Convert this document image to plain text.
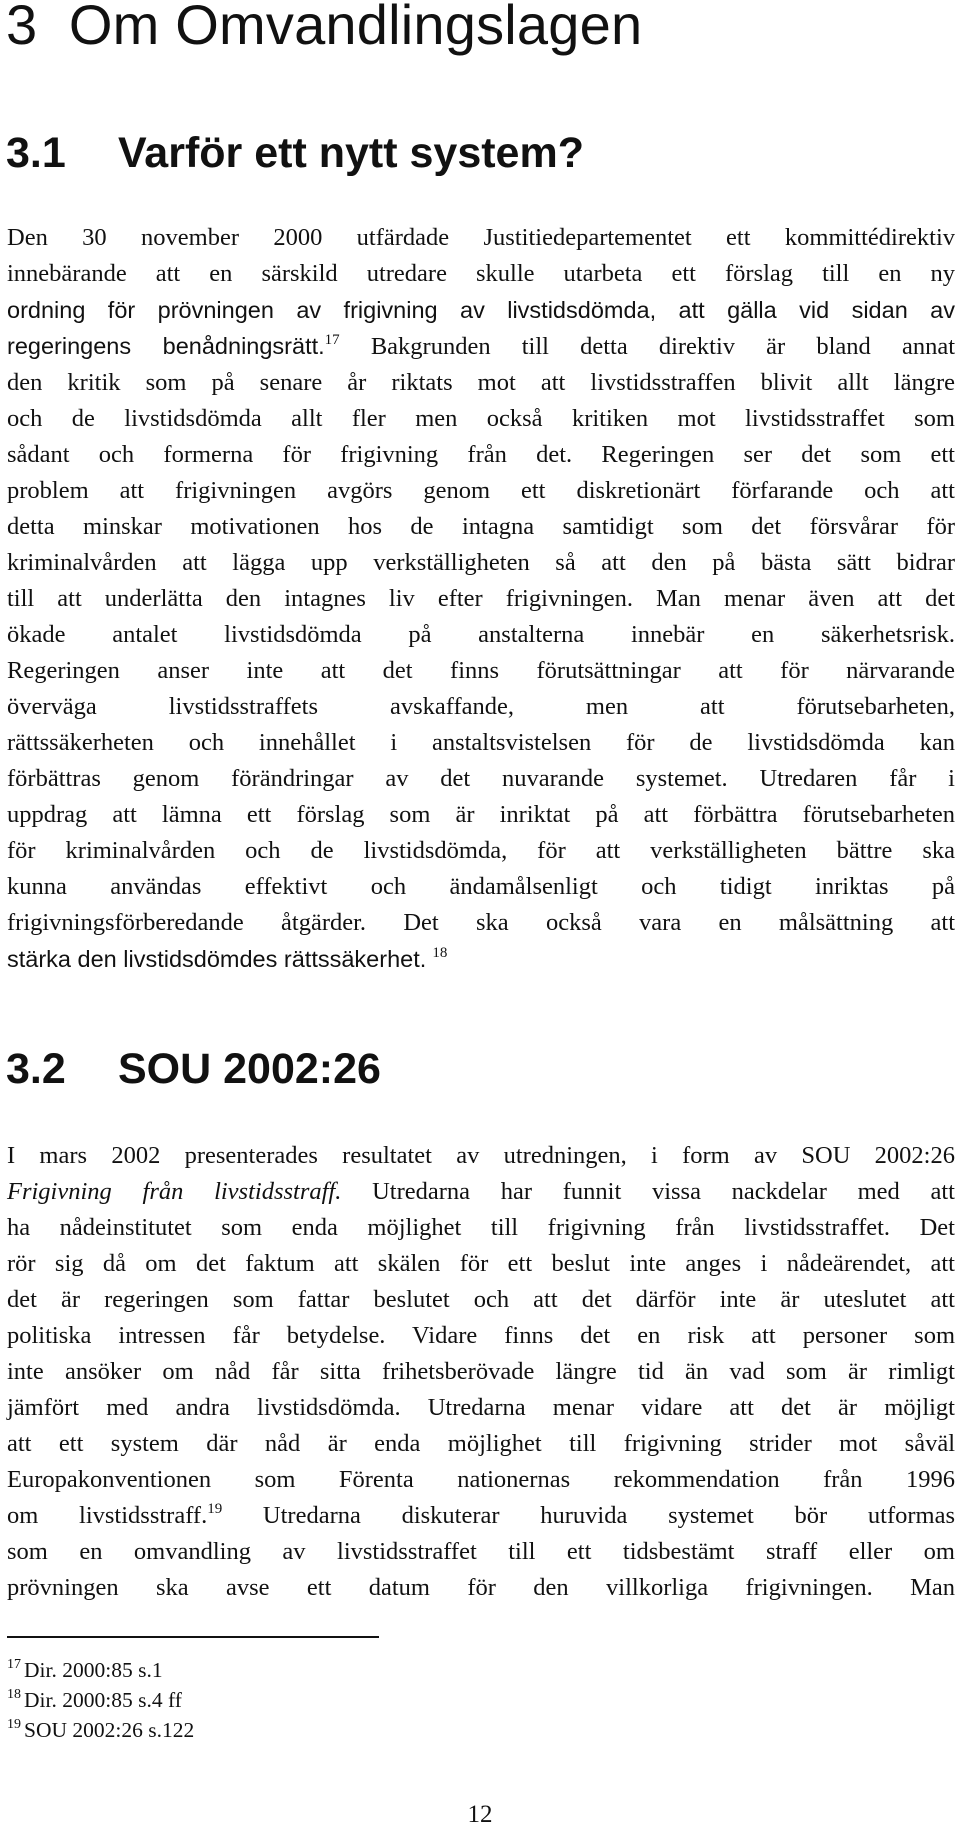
3 Om Omvandlingslagen
3.1 Varför ett nytt system?
Den 30 november 2000 utfärdade Justitiedepartementet ett kommittédirektiv
innebärande att en särskild utredare skulle utarbeta ett förslag till en ny
ordning för prövningen av frigivning av livstidsdömda, att gälla vid sidan av
regeringens benådningsrätt.$^{17}$ Bakgrunden till detta direktiv är bland annat
den kritik som på senare år riktats mot att livstidsstraffen blivit allt längre
och de livstidsdömda allt fler men också kritiken mot livstidsstraffet som
sådant och formerna för frigivning från det. Regeringen ser det som ett
problem att frigivningen avgörs genom ett diskretionärt förfarande och att
detta minskar motivationen hos de intagna samtidigt som det försvårar för
kriminalvården att lägga upp verkställigheten så att den på bästa sätt bidrar
till att underlätta den intagnes liv efter frigivningen. Man menar även att det
ökade antalet livstidsdömda på anstalterna innebär en säkerhetsrisk.
Regeringen anser inte att det finns förutsättningar att för närvarande
överväga livstidsstraffets avskaffande, men att förutsebarheten,
rättssäkerheten och innehållet i anstaltsvistelsen för de livstidsdömda kan
förbättras genom förändringar av det nuvarande systemet. Utredaren får i
uppdrag att lämna ett förslag som är inriktat på att förbättra förutsebarheten
för kriminalvården och de livstidsdömda, för att verkställigheten bättre ska
kunna användas effektivt och ändamålsenligt och tidigt inriktas på
frigivningsförberedande åtgärder. Det ska också vara en målsättning att
stärka den livstidsdömdes rättssäkerhet. $^{18}$
3.2 SOU 2002:26
I mars 2002 presenterades resultatet av utredningen, i form av SOU 2002:26
Frigivning från livstidsstraff. Utredarna har funnit vissa nackdelar med att
ha nådeinstitutet som enda möjlighet till frigivning från livstidsstraffet. Det
rör sig då om det faktum att skälen för ett beslut inte anges i nådeärendet, att
det är regeringen som fattar beslutet och att det därför inte är uteslutet att
politiska intressen får betydelse. Vidare finns det en risk att personer som
inte ansöker om nåd får sitta frihetsberövade längre tid än vad som är rimligt
jämfört med andra livstidsdömda. Utredarna menar vidare att det är möjligt
att ett system där nåd är enda möjlighet till frigivning strider mot såväl
Europakonventionen som Förenta nationernas rekommendation från 1996
om livstidsstraff.$^{19}$ Utredarna diskuterar huruvida systemet bör utformas
som en omvandling av livstidsstraffet till ett tidsbestämt straff eller om
prövningen ska avse ett datum för den villkorliga frigivningen. Man
$^{17}$ Dir. 2000:85 s.1
$^{18}$ Dir. 2000:85 s.4 ff
$^{19}$ SOU 2002:26 s.122
12
